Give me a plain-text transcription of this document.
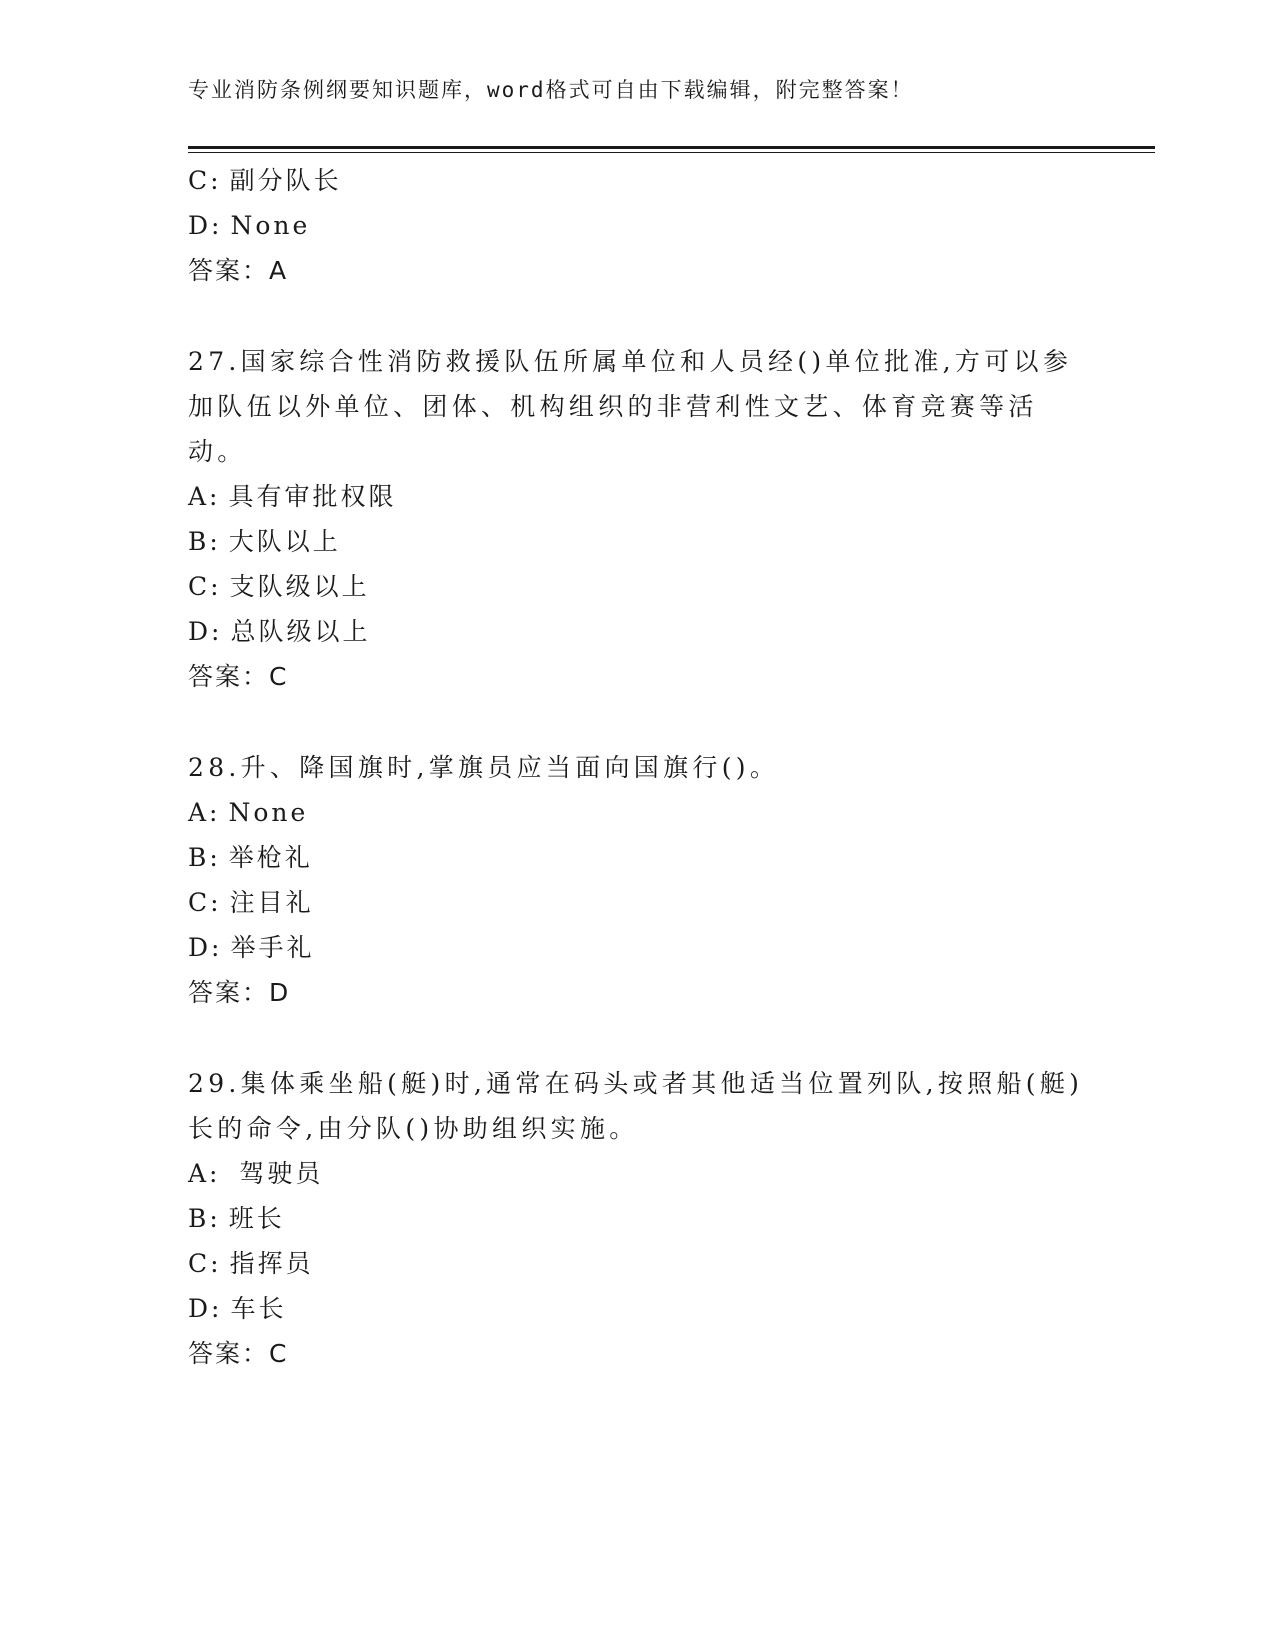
专业消防条例纲要知识题库，word格式可自由下载编辑，附完整答案！
C: 副分队长
D: None
答案：A
27.国家综合性消防救援队伍所属单位和人员经()单位批准,方可以参加队伍以外单位、团体、机构组织的非营利性文艺、体育竞赛等活动。
A: 具有审批权限
B: 大队以上
C: 支队级以上
D: 总队级以上
答案：C
28.升、降国旗时,掌旗员应当面向国旗行()。
A: None
B: 举枪礼
C: 注目礼
D: 举手礼
答案：D
29.集体乘坐船(艇)时,通常在码头或者其他适当位置列队,按照船(艇)长的命令,由分队()协助组织实施。
A: 驾驶员
B: 班长
C: 指挥员
D: 车长
答案：C
